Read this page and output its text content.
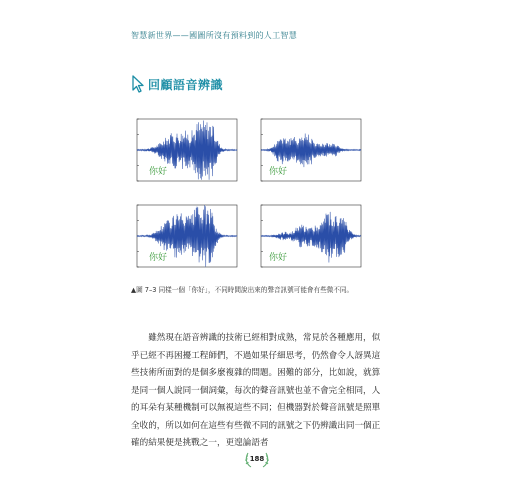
智慧新世界——國圖所沒有預料到的人工智慧
回顧語音辨識
你好	你好
你好	你好
▲圖 7–3 同樣一個「你好」，不同時間說出來的聲音訊號可能會有些微不同。

雖然現在語音辨識的技術已經相對成熟，常見於各種應用，似乎已經不再困擾工程師們，不過如果仔細思考，仍然會令人訝異這些技術所面對的是個多麼複雜的問題。困難的部分，比如說，就算是同一個人說同一個詞彙，每次的聲音訊號也並不會完全相同，人的耳朵有某種機制可以無視這些不同；但機器對於聲音訊號是照單全收的，所以如何在這些有些微不同的訊號之下仍辨識出同一個正確的結果便是挑戰之一，更遑論語者

188
